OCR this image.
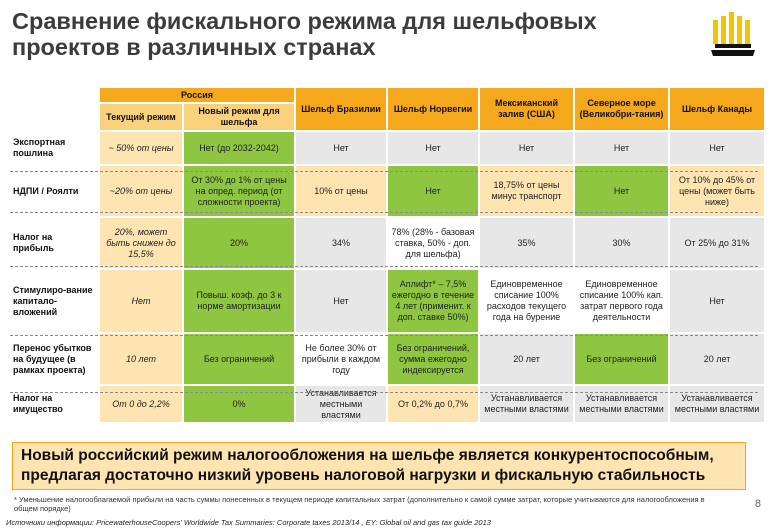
Сравнение фискального режима для шельфовых проектов в различных странах
	Россия		Шельф Бразилии	Шельф Норвегии	Мексиканский залив (США)	Северное море (Великобри-тания)	Шельф Канады
	Текущий режим	Новый режим для шельфа					
Экспортная пошлина	~ 50% от цены	Нет (до 2032-2042)	Нет	Нет	Нет	Нет	Нет
НДПИ / Роялти	~20% от цены	От 30% до 1% от цены на опред. период (от сложности проекта)	10% от цены	Нет	18,75% от цены минус транспорт	Нет	От 10% до 45% от цены (может быть ниже)
Налог на прибыль	20%, может быть снижен до 15,5%	20%	34%	78% (28% - базовая ставка, 50% - доп. для шельфа)	35%	30%	От 25% до 31%
Стимулиро-вание капитало-вложений	Нет	Повыш. коэф. до 3 к норме амортизации	Нет	Аплифт* – 7,5% ежегодно в течение 4 лет (применит. к доп. ставке 50%)	Единовременное списание 100% расходов текущего года на бурение	Единовременное списание 100% кап. затрат первого года деятельности	Нет
Перенос убытков на будущее (в рамках проекта)	10 лет	Без ограничений	Не более 30% от прибыли в каждом году	Без ограничений, сумма ежегодно индексируется	20 лет	Без ограничений	20 лет
Налог на имущество	От 0 до 2,2%	0%	Устанавливается местными властями	От 0,2% до 0,7%	Устанавливается местными властями	Устанавливается местными властями	Устанавливается местными властями
Новый российский режим налогообложения на шельфе является конкурентоспособным, предлагая достаточно низкий уровень налоговой нагрузки и фискальную стабильность
* Уменьшение налогооблагаемой прибыли на часть суммы понесенных в текущем периоде капитальных затрат (дополнительно к самой сумме затрат, которые учитываются для налогообложения в общем порядке)
Источники информации: PricewaterhouseCoopers' Worldwide Tax Summaries: Corporate taxes 2013/14 , EY: Global oil and gas tax guide 2013
8
